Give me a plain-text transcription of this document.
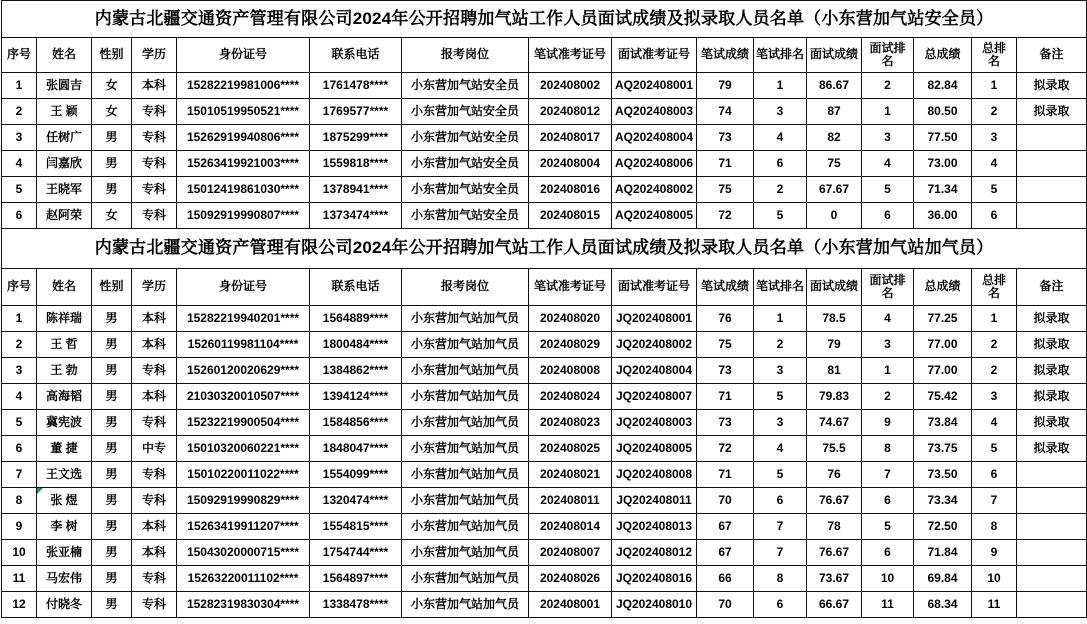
内蒙古北疆交通资产管理有限公司2024年公开招聘加气站工作人员面试成绩及拟录取人员名单（小东营加气站安全员）															
序号	姓名	性别	学历	身份证号	联系电话	报考岗位	笔试准考证号	面试准考证号	笔试成绩	笔试排名	面试成绩	面试排名	总成绩	总排名	备注
1	张圆吉	女	本科	15282219981006****	1761478****	小东营加气站安全员	202408002	AQ202408001	79	1	86.67	2	82.84	1	拟录取
2	王 颖	女	专科	15010519950521****	1769577****	小东营加气站安全员	202408012	AQ202408003	74	3	87	1	80.50	2	拟录取
3	任树广	男	专科	15262919940806****	1875299****	小东营加气站安全员	202408017	AQ202408004	73	4	82	3	77.50	3	
4	闫嘉欣	男	专科	15263419921003****	1559818****	小东营加气站安全员	202408004	AQ202408006	71	6	75	4	73.00	4	
5	王晓军	男	专科	15012419861030****	1378941****	小东营加气站安全员	202408016	AQ202408002	75	2	67.67	5	71.34	5	
6	赵阿荣	女	专科	15092919990807****	1373474****	小东营加气站安全员	202408015	AQ202408005	72	5	0	6	36.00	6	
内蒙古北疆交通资产管理有限公司2024年公开招聘加气站工作人员面试成绩及拟录取人员名单（小东营加气站加气员）															
序号	姓名	性别	学历	身份证号	联系电话	报考岗位	笔试准考证号	面试准考证号	笔试成绩	笔试排名	面试成绩	面试排名	总成绩	总排名	备注
1	陈祥瑞	男	本科	15282219940201****	1564889****	小东营加气站加气员	202408020	JQ202408001	76	1	78.5	4	77.25	1	拟录取
2	王 哲	男	本科	15260119981104****	1800484****	小东营加气站加气员	202408029	JQ202408002	75	2	79	3	77.00	2	拟录取
3	王 勃	男	专科	15260120020629****	1384862****	小东营加气站加气员	202408008	JQ202408004	73	3	81	1	77.00	2	拟录取
4	高海韬	男	本科	21030320010507****	1394124****	小东营加气站加气员	202408024	JQ202408007	71	5	79.83	2	75.42	3	拟录取
5	冀宪波	男	专科	15232219900504****	1584856****	小东营加气站加气员	202408023	JQ202408003	73	3	74.67	9	73.84	4	拟录取
6	董 捷	男	中专	15010320060221****	1848047****	小东营加气站加气员	202408025	JQ202408005	72	4	75.5	8	73.75	5	拟录取
7	王文选	男	专科	15010220011022****	1554099****	小东营加气站加气员	202408021	JQ202408008	71	5	76	7	73.50	6	
8	张 煜	男	专科	15092919990829****	1320474****	小东营加气站加气员	202408011	JQ202408011	70	6	76.67	6	73.34	7	
9	李 树	男	本科	15263419911207****	1554815****	小东营加气站加气员	202408014	JQ202408013	67	7	78	5	72.50	8	
10	张亚楠	男	本科	15043020000715****	1754744****	小东营加气站加气员	202408007	JQ202408012	67	7	76.67	6	71.84	9	
11	马宏伟	男	专科	15263220011102****	1564897****	小东营加气站加气员	202408026	JQ202408016	66	8	73.67	10	69.84	10	
12	付晓冬	男	专科	15282319830304****	1338478****	小东营加气站加气员	202408001	JQ202408010	70	6	66.67	11	68.34	11	
